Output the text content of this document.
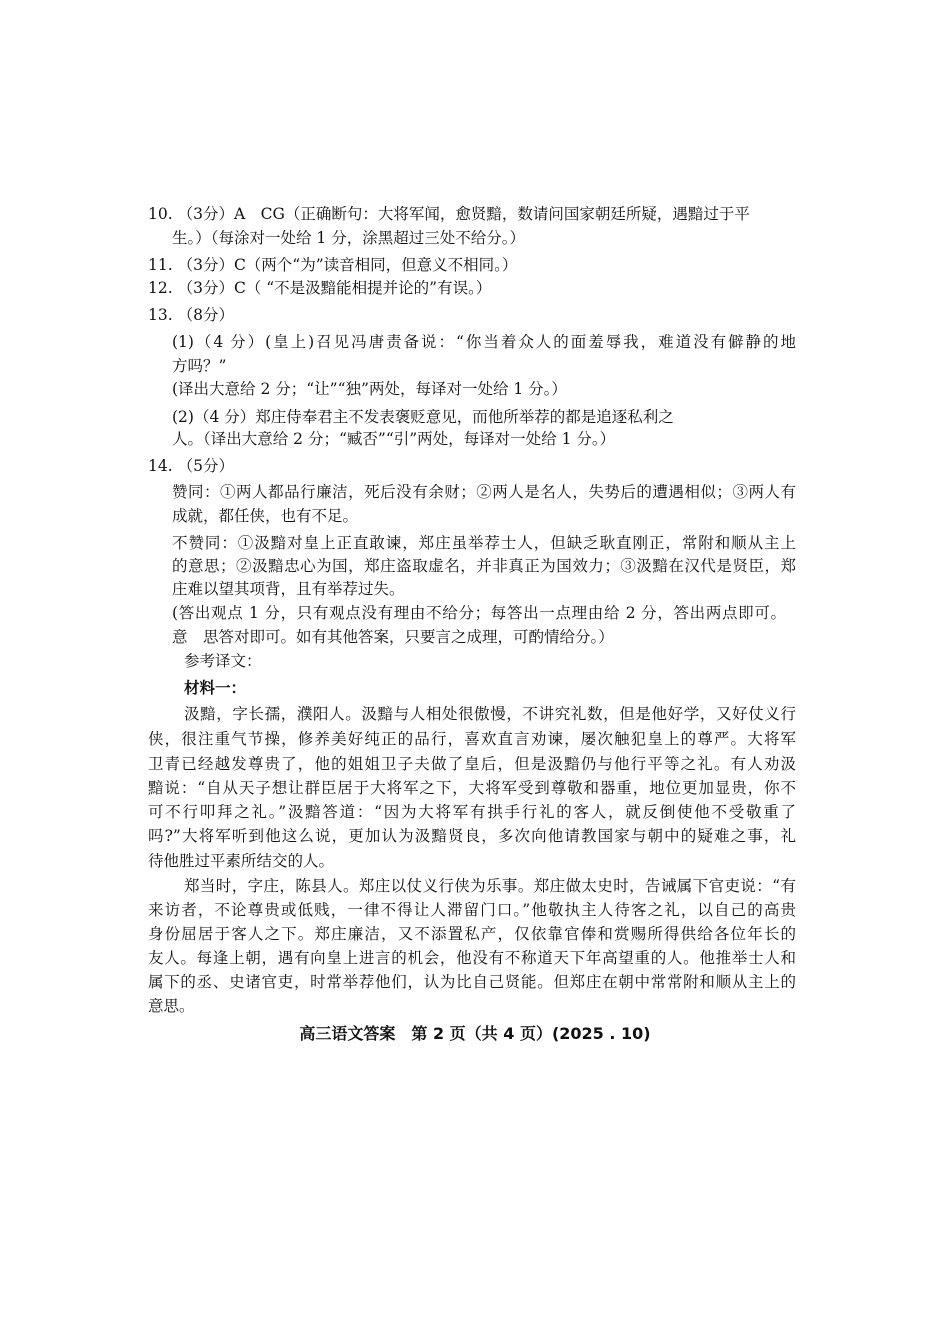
10. （3分）A　CG（正确断句：大将军闻，愈贤黯，数请问国家朝廷所疑，遇黯过于平
生。）（每涂对一处给 1 分，涂黑超过三处不给分。）
11. （3分）C（两个“为”读音相同，但意义不相同。）
12. （3分）C（ “不是汲黯能相提并论的”有误。）
13. （8分）
(1)（4 分）(皇上)召见冯唐责备说：“你当着众人的面羞辱我，难道没有僻静的地
方吗？”
(译出大意给 2 分；“让”“独”两处，每译对一处给 1 分。）
(2)（4 分）郑庄侍奉君主不发表褒贬意见，而他所举荐的都是追逐私利之
人。（译出大意给 2 分；“臧否”“引”两处，每译对一处给 1 分。）
14. （5分）
赞同：①两人都品行廉洁，死后没有余财；②两人是名人，失势后的遭遇相似；③两人有
成就，都任侠，也有不足。
不赞同：①汲黯对皇上正直敢谏，郑庄虽举荐士人，但缺乏耿直刚正，常附和顺从主上
的意思；②汲黯忠心为国，郑庄盗取虚名，并非真正为国效力；③汲黯在汉代是贤臣，郑
庄难以望其项背，且有举荐过失。
(答出观点 1 分，只有观点没有理由不给分；每答出一点理由给 2 分，答出两点即可。
意　思答对即可。如有其他答案，只要言之成理，可酌情给分。）
参考译文：
材料一：
汲黯，字长孺，濮阳人。汲黯与人相处很傲慢，不讲究礼数，但是他好学，又好仗义行
侠，很注重气节操，修养美好纯正的品行，喜欢直言劝谏，屡次触犯皇上的尊严。大将军
卫青已经越发尊贵了，他的姐姐卫子夫做了皇后，但是汲黯仍与他行平等之礼。有人劝汲
黯说：“自从天子想让群臣居于大将军之下，大将军受到尊敬和器重，地位更加显贵，你不
可不行叩拜之礼。”汲黯答道：“因为大将军有拱手行礼的客人，就反倒使他不受敬重了
吗?”大将军听到他这么说，更加认为汲黯贤良，多次向他请教国家与朝中的疑难之事，礼
待他胜过平素所结交的人。
郑当时，字庄，陈县人。郑庄以仗义行侠为乐事。郑庄做太史时，告诫属下官吏说：“有
来访者，不论尊贵或低贱，一律不得让人滞留门口。”他敬执主人待客之礼，以自己的高贵
身份屈居于客人之下。郑庄廉洁，又不添置私产，仅依靠官俸和赏赐所得供给各位年长的
友人。每逢上朝，遇有向皇上进言的机会，他没有不称道天下年高望重的人。他推举士人和
属下的丞、史诸官吏，时常举荐他们，认为比自己贤能。但郑庄在朝中常常附和顺从主上的
意思。
高三语文答案　第 2 页（共 4 页）(2025 . 10)
